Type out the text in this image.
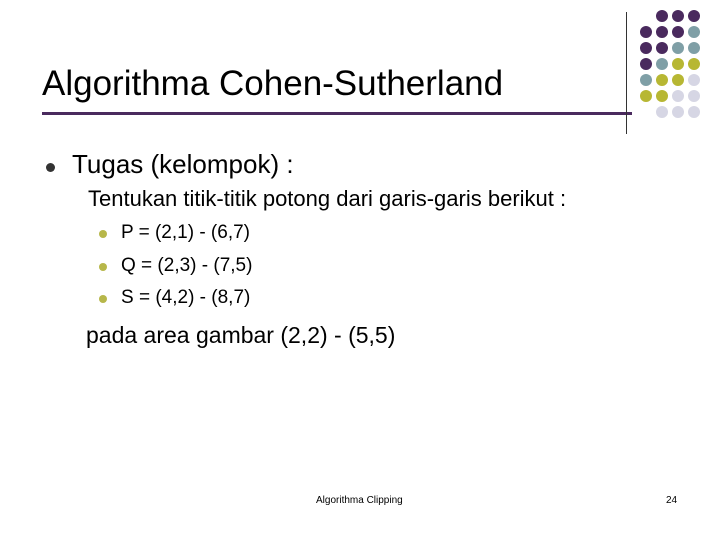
Algorithma Cohen-Sutherland
Tugas (kelompok) :
Tentukan titik-titik potong dari garis-garis berikut :
P = (2,1) - (6,7)
Q = (2,3) - (7,5)
S = (4,2) - (8,7)
pada area gambar (2,2) - (5,5)
Algorithma Clipping	24
